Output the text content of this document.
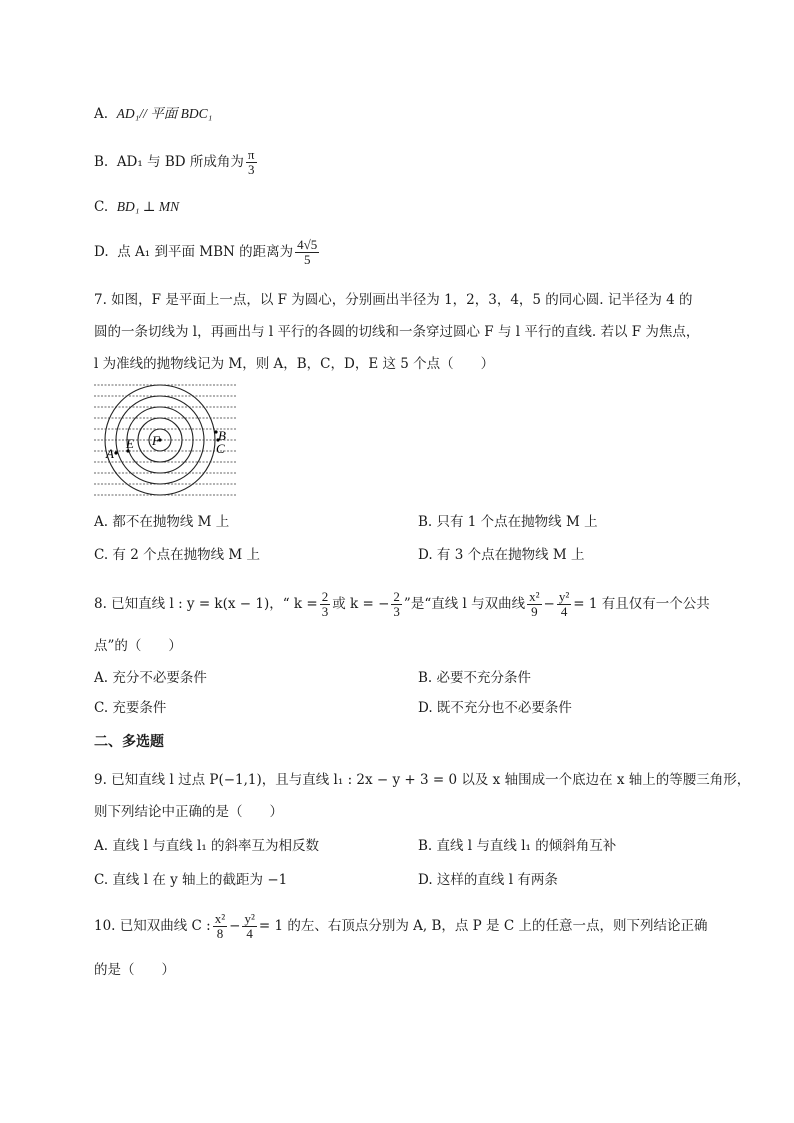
A. AD₁// 平面 BDC₁
B. AD₁ 与 BD 所成角为 $\frac{\pi}{3}$
C. BD₁ ⊥ MN
D. 点 A₁ 到平面 MBN 的距离为 $\frac{4√5}{5}$
7. 如图，F 是平面上一点，以 F 为圆心，分别画出半径为 1，2，3，4，5 的同心圆. 记半径为 4 的
圆的一条切线为 l，再画出与 l 平行的各圆的切线和一条穿过圆心 F 与 l 平行的直线. 若以 F 为焦点，
l 为准线的抛物线记为 M，则 A，B，C，D，E 这 5 个点（　　）
F
E
A
B
C
A. 都不在抛物线 M 上	B. 只有 1 个点在抛物线 M 上
C. 有 2 个点在抛物线 M 上	D. 有 3 个点在抛物线 M 上
8. 已知直线 l : y = k(x − 1)，“ $k = \frac{2}{3}$ 或 k = − $\frac{2}{3}$ ”是“直线 l 与双曲线 $\frac{\text{x²}}{9} - \frac{\text{y²}}{4} = 1$ 有且仅有一个公共
点”的（　　）
A. 充分不必要条件	B. 必要不充分条件
C. 充要条件	D. 既不充分也不必要条件
二、多选题
9. 已知直线 l 过点 P(−1,1)，且与直线 l₁ : 2x − y + 3 = 0 以及 x 轴围成一个底边在 x 轴上的等腰三角形，
则下列结论中正确的是（　　）
A. 直线 l 与直线 l₁ 的斜率互为相反数	B. 直线 l 与直线 l₁ 的倾斜角互补
C. 直线 l 在 y 轴上的截距为 −1	D. 这样的直线 l 有两条
10. 已知双曲线 C : $\frac{\text{x²}}{8} - \frac{\text{y²}}{4} = 1$ 的左、右顶点分别为 A, B，点 P 是 C 上的任意一点，则下列结论正确
的是（　　）
